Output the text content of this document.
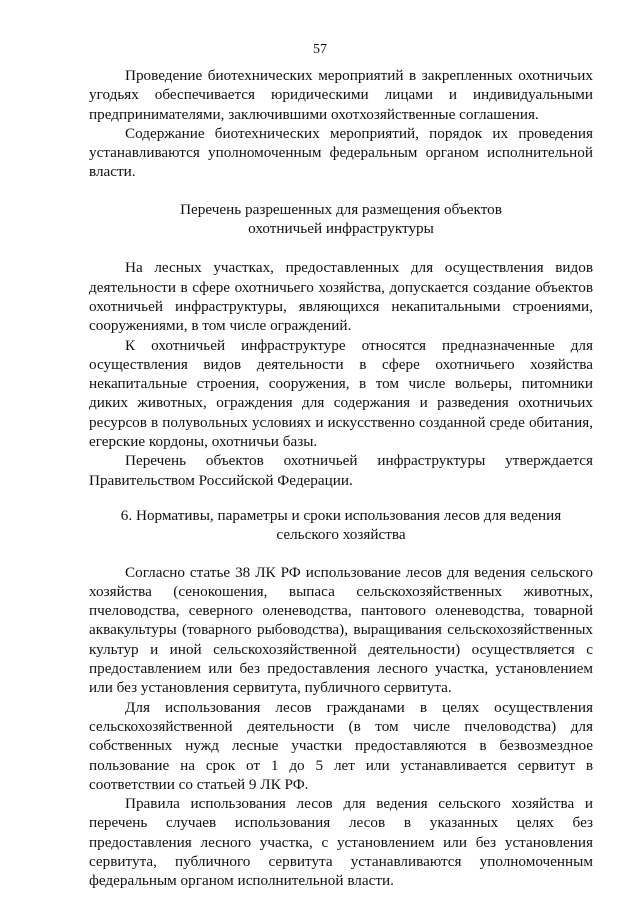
57

Проведение биотехнических мероприятий в закрепленных охотничьих угодьях обеспечивается юридическими лицами и индивидуальными предпринимателями, заключившими охотхозяйственные соглашения.

Содержание биотехнических мероприятий, порядок их проведения устанавливаются уполномоченным федеральным органом исполнительной власти.

Перечень разрешенных для размещения объектов
охотничьей инфраструктуры

На лесных участках, предоставленных для осуществления видов деятельности в сфере охотничьего хозяйства, допускается создание объектов охотничьей инфраструктуры, являющихся некапитальными строениями, сооружениями, в том числе ограждений.

К охотничьей инфраструктуре относятся предназначенные для осуществления видов деятельности в сфере охотничьего хозяйства некапитальные строения, сооружения, в том числе вольеры, питомники диких животных, ограждения для содержания и разведения охотничьих ресурсов в полувольных условиях и искусственно созданной среде обитания, егерские кордоны, охотничьи базы.

Перечень объектов охотничьей инфраструктуры утверждается Правительством Российской Федерации.

6. Нормативы, параметры и сроки использования лесов для ведения
сельского хозяйства

Согласно статье 38 ЛК РФ использование лесов для ведения сельского хозяйства (сенокошения, выпаса сельскохозяйственных животных, пчеловодства, северного оленеводства, пантового оленеводства, товарной аквакультуры (товарного рыбоводства), выращивания сельскохозяйственных культур и иной сельскохозяйственной деятельности) осуществляется с предоставлением или без предоставления лесного участка, установлением или без установления сервитута, публичного сервитута.

Для использования лесов гражданами в целях осуществления сельскохозяйственной деятельности (в том числе пчеловодства) для собственных нужд лесные участки предоставляются в безвозмездное пользование на срок от 1 до 5 лет или устанавливается сервитут в соответствии со статьей 9 ЛК РФ.

Правила использования лесов для ведения сельского хозяйства и перечень случаев использования лесов в указанных целях без предоставления лесного участка, с установлением или без установления сервитута, публичного сервитута устанавливаются уполномоченным федеральным органом исполнительной власти.
